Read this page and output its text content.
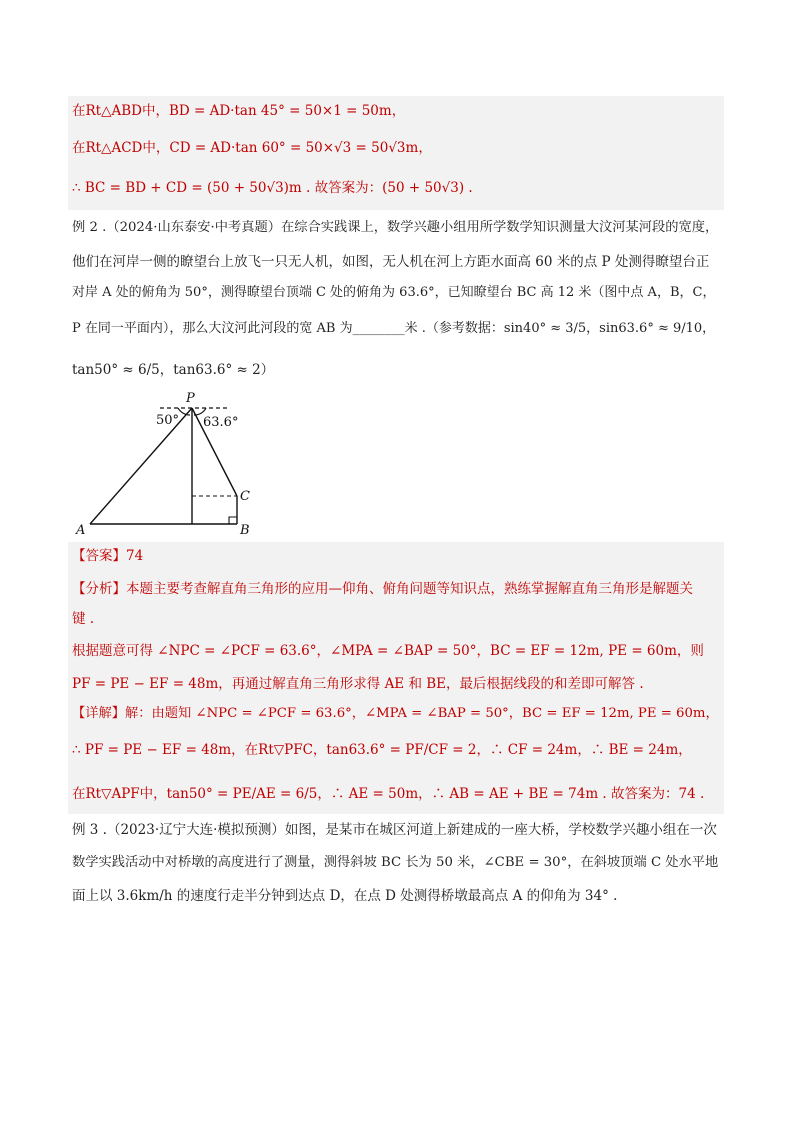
在Rt△ABD中，BD = AD·tan 45° = 50×1 = 50m，
在Rt△ACD中，CD = AD·tan 60° = 50×√3 = 50√3m，
∴ BC = BD + CD = (50 + 50√3)m . 故答案为：(50 + 50√3) .
例 2 .（2024·山东泰安·中考真题）在综合实践课上，数学兴趣小组用所学数学知识测量大汶河某河段的宽度，
他们在河岸一侧的瞭望台上放飞一只无人机，如图，无人机在河上方距水面高 60 米的点 P 处测得瞭望台正
对岸 A 处的俯角为 50°，测得瞭望台顶端 C 处的俯角为 63.6°，已知瞭望台 BC 高 12 米（图中点 A，B，C，
P 在同一平面内），那么大汶河此河段的宽 AB 为________米 .（参考数据：sin40° ≈ 3/5，sin63.6° ≈ 9/10，
tan50° ≈ 6/5，tan63.6° ≈ 2）
P
A	B
C
50° 63.6°
【答案】74
【分析】本题主要考查解直角三角形的应用—仰角、俯角问题等知识点，熟练掌握解直角三角形是解题关
键 .
根据题意可得 ∠NPC = ∠PCF = 63.6°，∠MPA = ∠BAP = 50°，BC = EF = 12m, PE = 60m，则
PF = PE − EF = 48m，再通过解直角三角形求得 AE 和 BE，最后根据线段的和差即可解答 .
【详解】解：由题知 ∠NPC = ∠PCF = 63.6°，∠MPA = ∠BAP = 50°，BC = EF = 12m, PE = 60m，
∴ PF = PE − EF = 48m，在Rt▽PFC，tan63.6° = PF/CF = 2，∴ CF = 24m，∴ BE = 24m，
在Rt▽APF中，tan50° = PE/AE = 6/5，∴ AE = 50m，∴ AB = AE + BE = 74m . 故答案为：74 .
例 3 .（2023·辽宁大连·模拟预测）如图，是某市在城区河道上新建成的一座大桥，学校数学兴趣小组在一次
数学实践活动中对桥墩的高度进行了测量，测得斜坡 BC 长为 50 米，∠CBE = 30°，在斜坡顶端 C 处水平地
面上以 3.6km/h 的速度行走半分钟到达点 D，在点 D 处测得桥墩最高点 A 的仰角为 34° .
